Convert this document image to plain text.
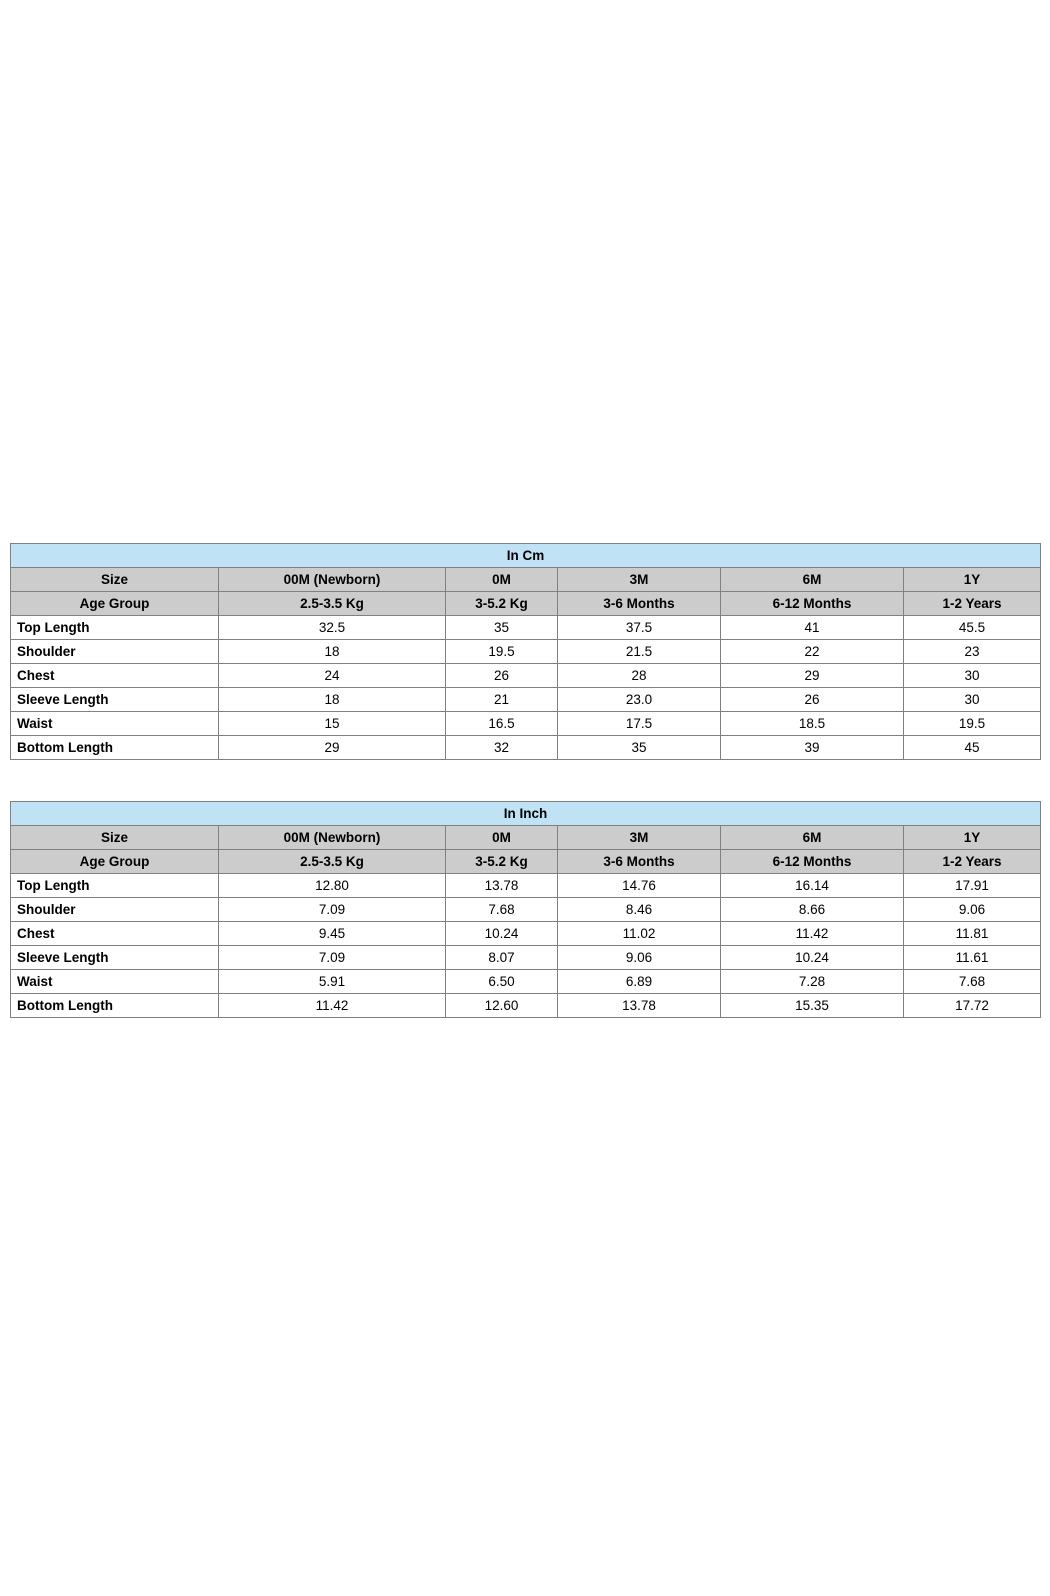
In Cm					
Size	00M (Newborn)	0M	3M	6M	1Y
Age Group	2.5-3.5 Kg	3-5.2 Kg	3-6 Months	6-12 Months	1-2 Years
Top Length	32.5	35	37.5	41	45.5
Shoulder	18	19.5	21.5	22	23
Chest	24	26	28	29	30
Sleeve Length	18	21	23.0	26	30
Waist	15	16.5	17.5	18.5	19.5
Bottom Length	29	32	35	39	45
In Inch					
Size	00M (Newborn)	0M	3M	6M	1Y
Age Group	2.5-3.5 Kg	3-5.2 Kg	3-6 Months	6-12 Months	1-2 Years
Top Length	12.80	13.78	14.76	16.14	17.91
Shoulder	7.09	7.68	8.46	8.66	9.06
Chest	9.45	10.24	11.02	11.42	11.81
Sleeve Length	7.09	8.07	9.06	10.24	11.61
Waist	5.91	6.50	6.89	7.28	7.68
Bottom Length	11.42	12.60	13.78	15.35	17.72
